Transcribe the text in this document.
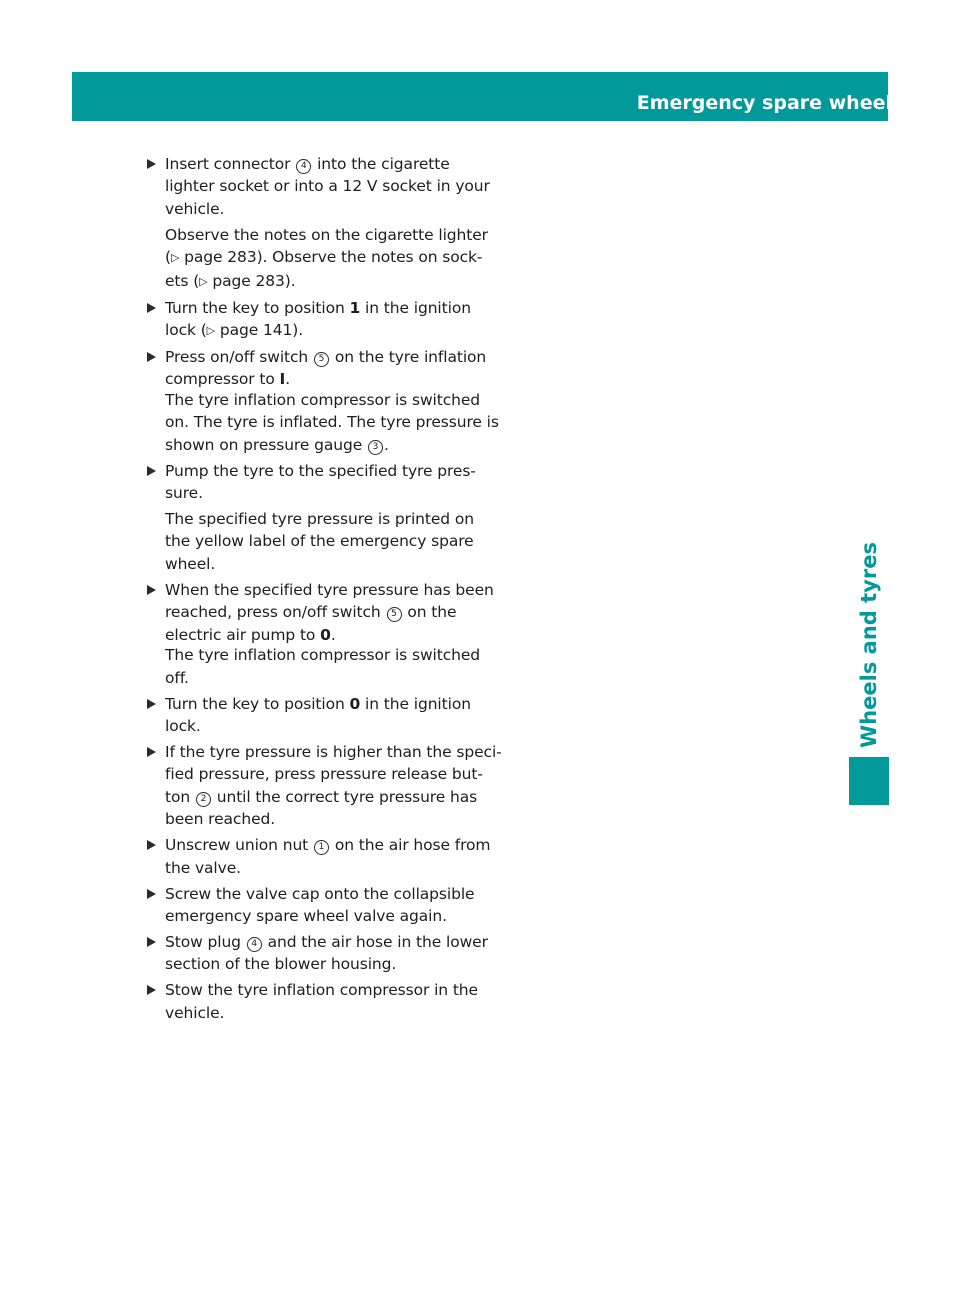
Emergency spare wheel	353
Wheels and tyres
Insert connector 4 into the cigarette
lighter socket or into a 12 V socket in your
vehicle.
Observe the notes on the cigarette lighter
(▷ page 283). Observe the notes on sock-
ets (▷ page 283).
Turn the key to position 1 in the ignition
lock (▷ page 141).
Press on/off switch 5 on the tyre inflation
compressor to I.
The tyre inflation compressor is switched
on. The tyre is inflated. The tyre pressure is
shown on pressure gauge 3 .
Pump the tyre to the specified tyre pres-
sure.
The specified tyre pressure is printed on
the yellow label of the emergency spare
wheel.
When the specified tyre pressure has been
reached, press on/off switch 5 on the
electric air pump to 0.
The tyre inflation compressor is switched
off.
Turn the key to position 0 in the ignition
lock.
If the tyre pressure is higher than the speci-
fied pressure, press pressure release but-
ton 2 until the correct tyre pressure has
been reached.
Unscrew union nut 1 on the air hose from
the valve.
Screw the valve cap onto the collapsible
emergency spare wheel valve again.
Stow plug 4 and the air hose in the lower
section of the blower housing.
Stow the tyre inflation compressor in the
vehicle.
